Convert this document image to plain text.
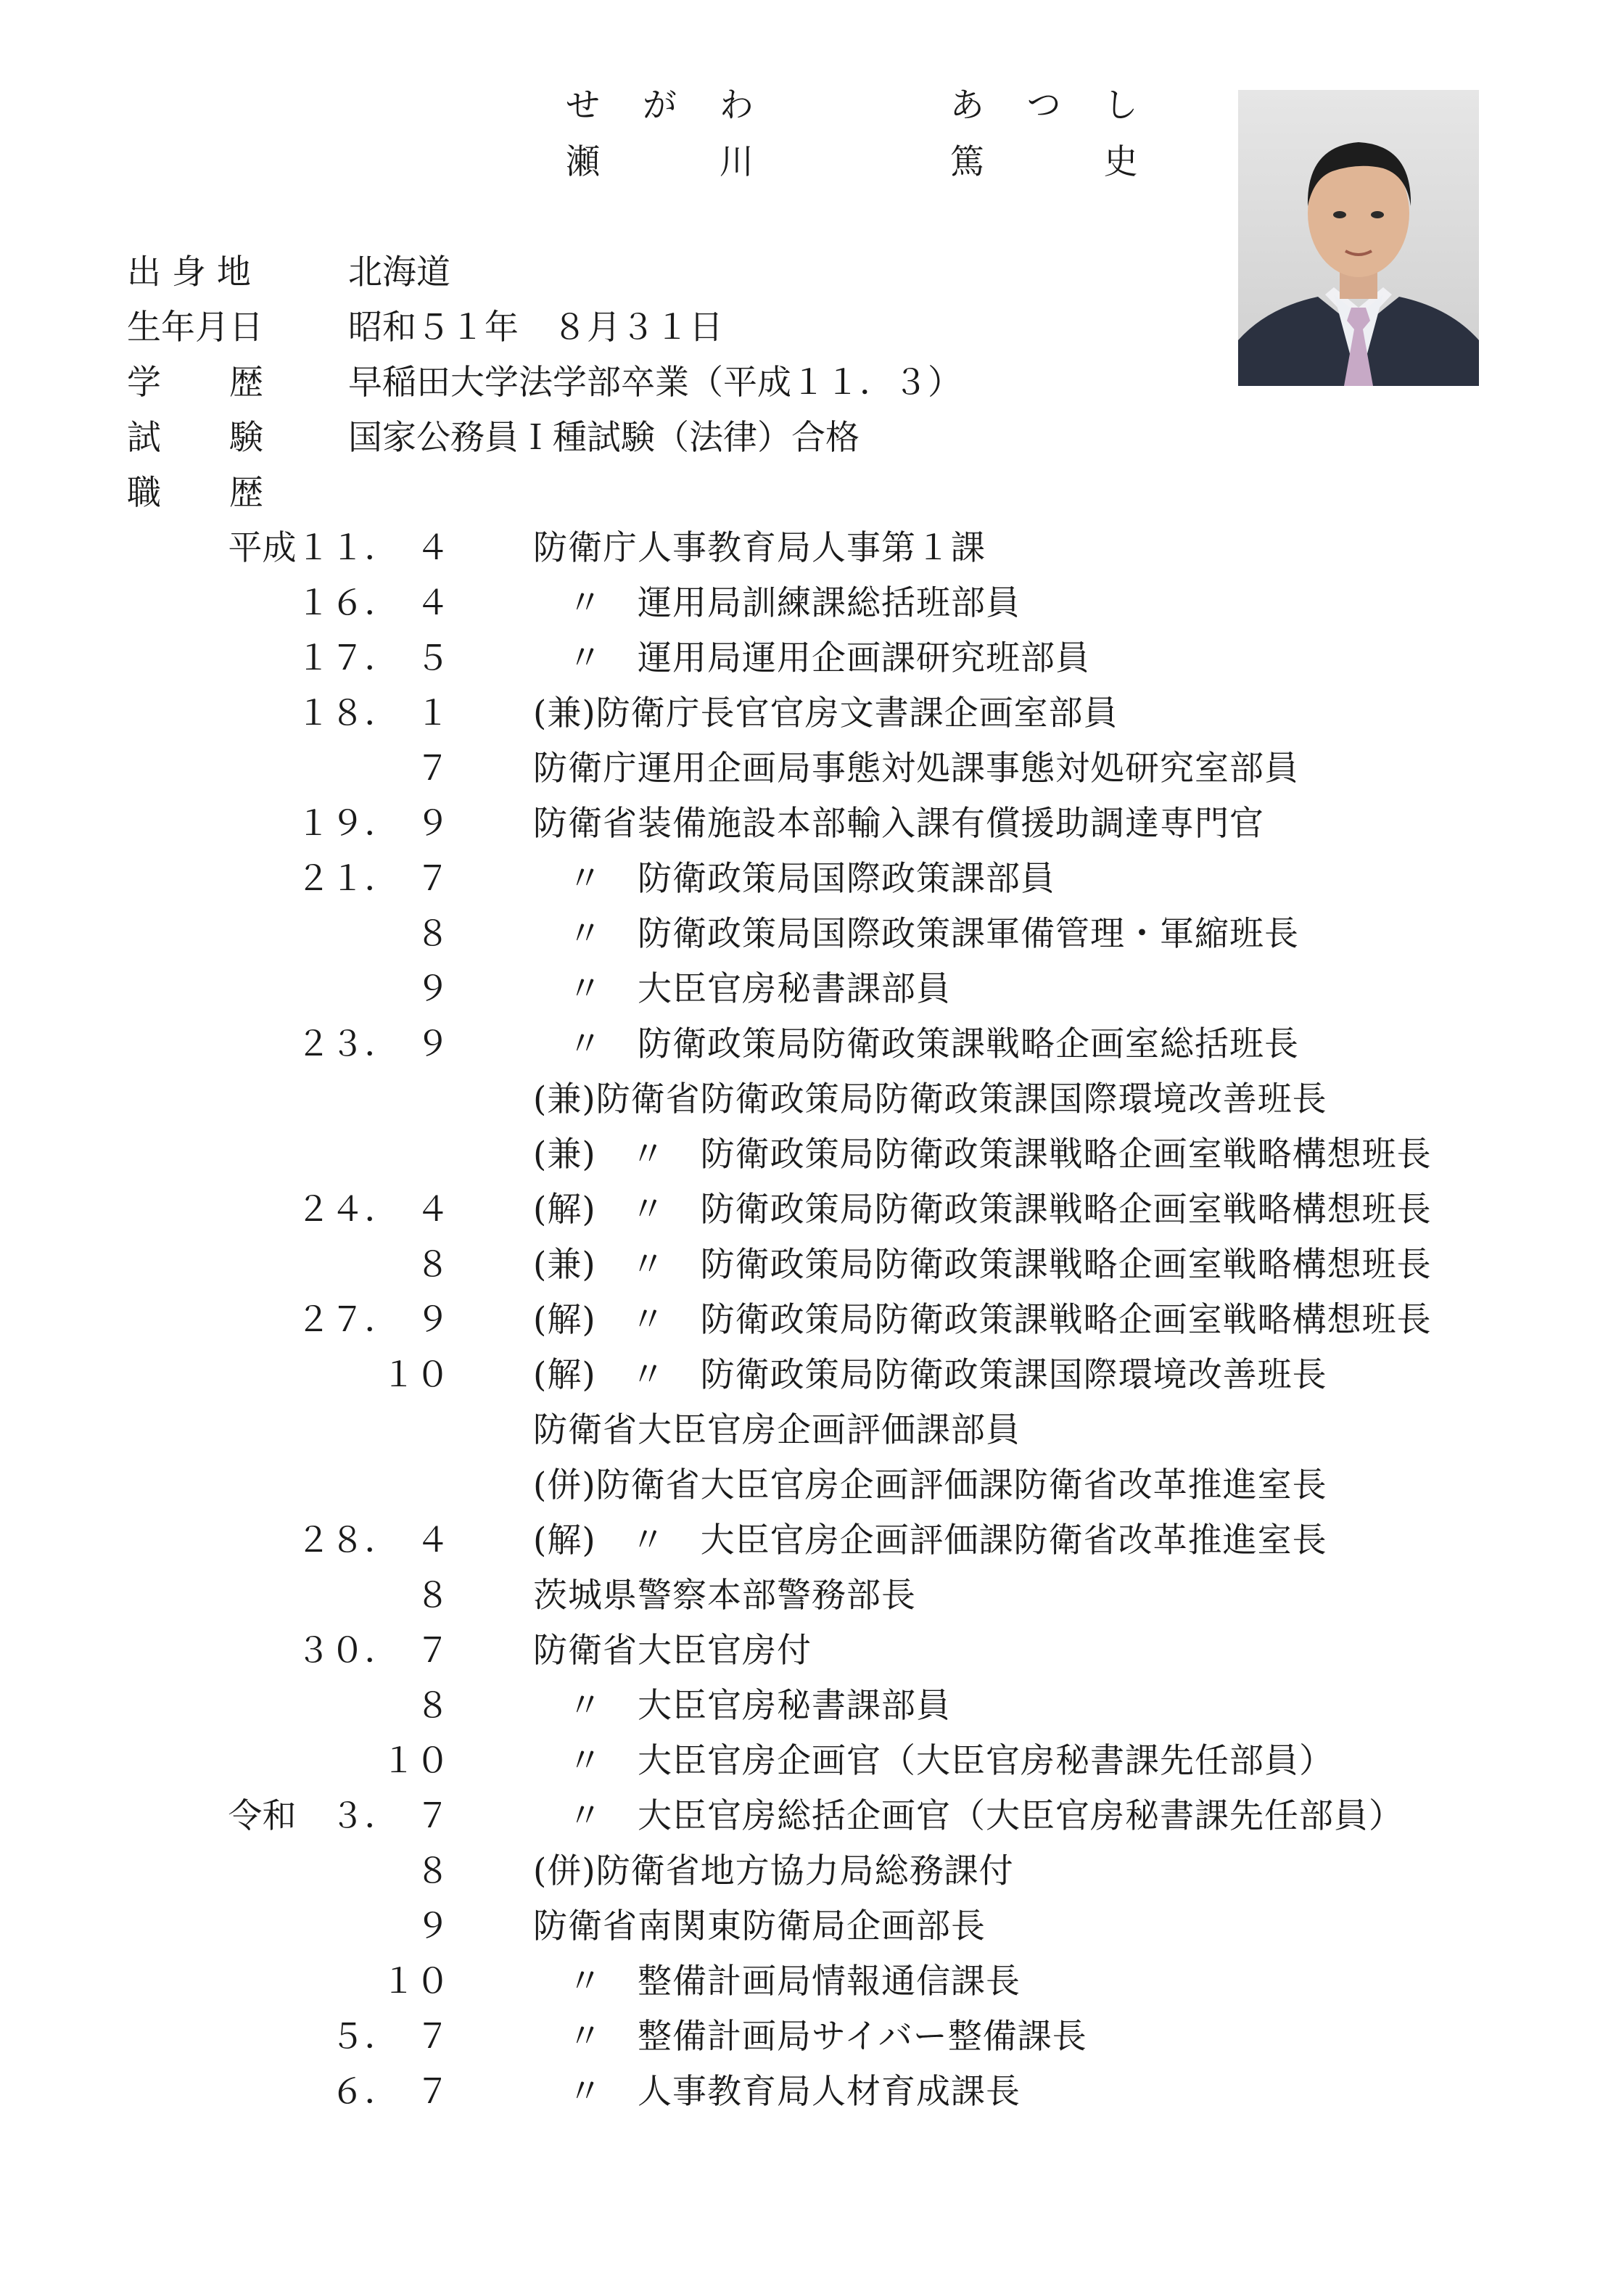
せ が わ 　 　 あ つ し
瀬 　 川 　 　 篤 　 史
出 身 地	北海道
生年月日 昭和５１年　８月３１日
学　　歴 早稲田大学法学部卒業（平成１１．３）
試　　験 国家公務員Ｉ種試験（法律）合格
職　　歴
平成１１．　４ 防衛庁人事教育局人事第１課
１６．　４ 　〃　運用局訓練課総括班部員
１７．　５ 　〃　運用局運用企画課研究班部員
１８．　１ (兼)防衛庁長官官房文書課企画室部員
７ 防衛庁運用企画局事態対処課事態対処研究室部員
１９．　９ 防衛省装備施設本部輸入課有償援助調達専門官
２１．　７ 　〃　防衛政策局国際政策課部員
８ 　〃　防衛政策局国際政策課軍備管理・軍縮班長
９ 　〃　大臣官房秘書課部員
２３．　９ 　〃　防衛政策局防衛政策課戦略企画室総括班長
(兼)防衛省防衛政策局防衛政策課国際環境改善班長
(兼)　〃　防衛政策局防衛政策課戦略企画室戦略構想班長
２４．　４ (解)　〃　防衛政策局防衛政策課戦略企画室戦略構想班長
８ (兼)　〃　防衛政策局防衛政策課戦略企画室戦略構想班長
２７．　９ (解)　〃　防衛政策局防衛政策課戦略企画室戦略構想班長
１０ (解)　〃　防衛政策局防衛政策課国際環境改善班長
防衛省大臣官房企画評価課部員
(併)防衛省大臣官房企画評価課防衛省改革推進室長
２８．　４ (解)　〃　大臣官房企画評価課防衛省改革推進室長
８ 茨城県警察本部警務部長
３０．　７ 防衛省大臣官房付
８ 　〃　大臣官房秘書課部員
１０ 　〃　大臣官房企画官（大臣官房秘書課先任部員）
令和　３．　７ 　〃　大臣官房総括企画官（大臣官房秘書課先任部員）
８ (併)防衛省地方協力局総務課付
９ 防衛省南関東防衛局企画部長
１０ 　〃　整備計画局情報通信課長
５．　７ 　〃　整備計画局サイバー整備課長
６．　７ 　〃　人事教育局人材育成課長
